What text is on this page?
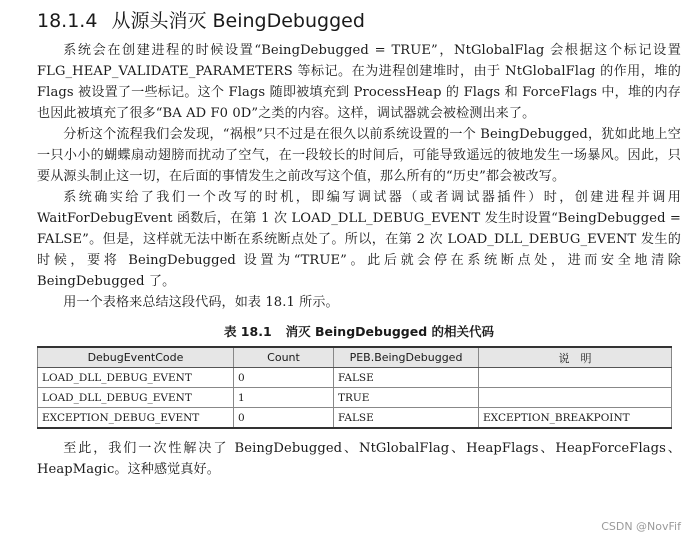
18.1.4 从源头消灭 BeingDebugged

系统会在创建进程的时候设置“BeingDebugged = TRUE”，NtGlobalFlag 会根据这个标记设置 FLG_HEAP_VALIDATE_PARAMETERS 等标记。在为进程创建堆时，由于 NtGlobalFlag 的作用，堆的 Flags 被设置了一些标记。这个 Flags 随即被填充到 ProcessHeap 的 Flags 和 ForceFlags 中，堆的内存也因此被填充了很多“BA AD F0 0D”之类的内容。这样，调试器就会被检测出来了。

分析这个流程我们会发现，“祸根”只不过是在很久以前系统设置的一个 BeingDebugged，犹如此地上空一只小小的蝴蝶扇动翅膀而扰动了空气，在一段较长的时间后，可能导致遥远的彼地发生一场暴风。因此，只要从源头制止这一切，在后面的事情发生之前改写这个值，那么所有的“历史”都会被改写。

系统确实给了我们一个改写的时机，即编写调试器（或者调试器插件）时，创建进程并调用 WaitForDebugEvent 函数后，在第 1 次 LOAD_DLL_DEBUG_EVENT 发生时设置“BeingDebugged = FALSE”。但是，这样就无法中断在系统断点处了。所以，在第 2 次 LOAD_DLL_DEBUG_EVENT 发生的时候，要将 BeingDebugged 设置为“TRUE”。此后就会停在系统断点处，进而安全地清除 BeingDebugged 了。

用一个表格来总结这段代码，如表 18.1 所示。

表 18.1 消灭 BeingDebugged 的相关代码
DebugEventCode	Count	PEB.BeingDebugged	说　明
LOAD_DLL_DEBUG_EVENT	0	FALSE	
LOAD_DLL_DEBUG_EVENT	1	TRUE	
EXCEPTION_DEBUG_EVENT	0	FALSE	EXCEPTION_BREAKPOINT

至此，我们一次性解决了 BeingDebugged、NtGlobalFlag、HeapFlags、HeapForceFlags、HeapMagic。这种感觉真好。

CSDN @NovFif
